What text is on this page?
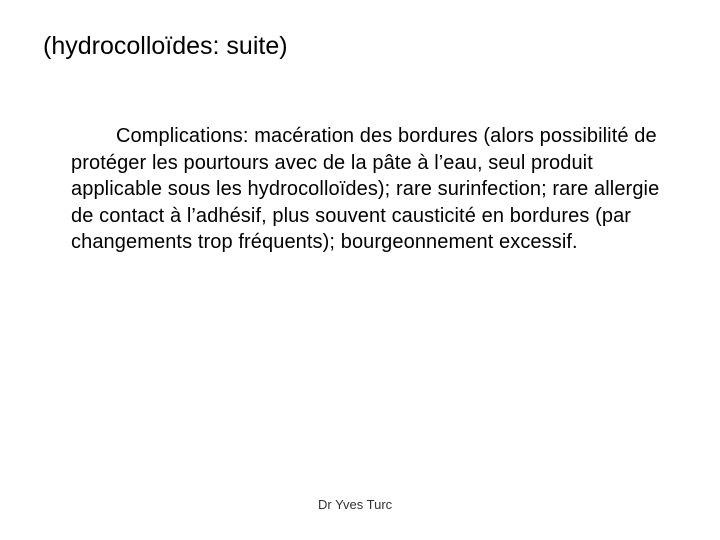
(hydrocolloïdes: suite)

Complications: macération des bordures (alors possibilité de protéger les pourtours avec de la pâte à l’eau, seul produit applicable sous les hydrocolloïdes); rare surinfection; rare allergie de contact à l’adhésif, plus souvent causticité en bordures (par changements trop fréquents); bourgeonnement excessif.

Dr Yves Turc
